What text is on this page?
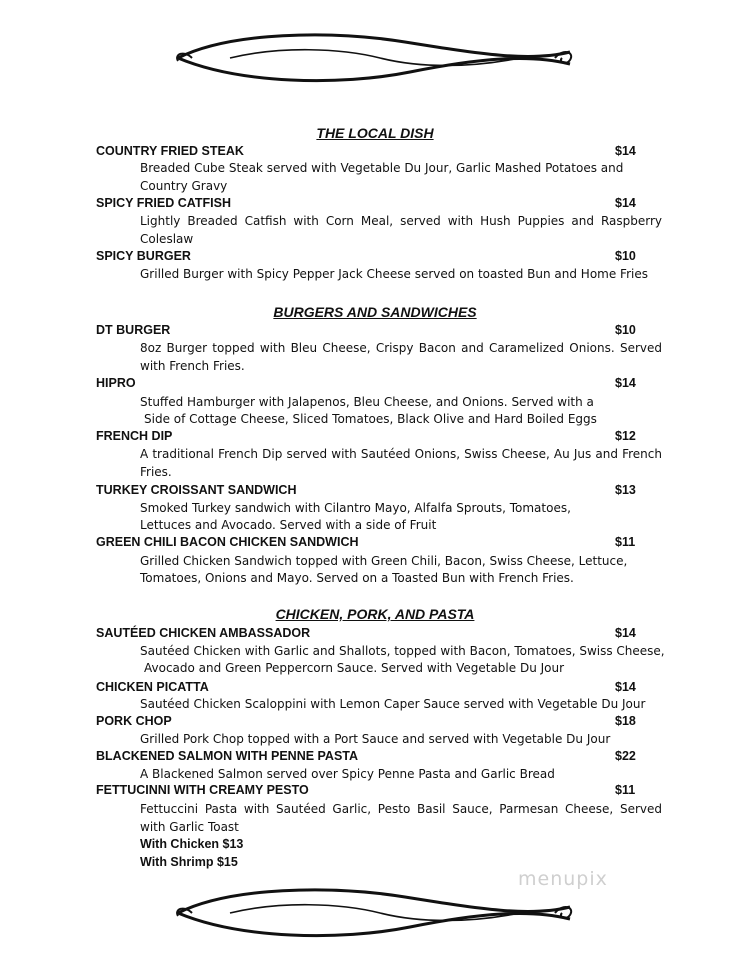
THE LOCAL DISH
COUNTRY FRIED STEAK	$14
Breaded Cube Steak served with Vegetable Du Jour, Garlic Mashed Potatoes and Country Gravy
SPICY FRIED CATFISH	$14
Lightly Breaded Catfish with Corn Meal, served with Hush Puppies and Raspberry Coleslaw
SPICY BURGER	$10
Grilled Burger with Spicy Pepper Jack Cheese served on toasted Bun and Home Fries
BURGERS AND SANDWICHES
DT BURGER	$10
8oz Burger topped with Bleu Cheese, Crispy Bacon and Caramelized Onions. Served with French Fries.
HIPRO	$14
Stuffed Hamburger with Jalapenos, Bleu Cheese, and Onions. Served with a
Side of Cottage Cheese, Sliced Tomatoes, Black Olive and Hard Boiled Eggs
FRENCH DIP	$12
A traditional French Dip served with Sautéed Onions, Swiss Cheese, Au Jus and French Fries.
TURKEY CROISSANT SANDWICH	$13
Smoked Turkey sandwich with Cilantro Mayo, Alfalfa Sprouts, Tomatoes,
Lettuces and Avocado. Served with a side of Fruit
GREEN CHILI BACON CHICKEN SANDWICH	$11
Grilled Chicken Sandwich topped with Green Chili, Bacon, Swiss Cheese, Lettuce,
Tomatoes, Onions and Mayo. Served on a Toasted Bun with French Fries.
CHICKEN, PORK, AND PASTA
SAUTÉED CHICKEN AMBASSADOR	$14
Sautéed Chicken with Garlic and Shallots, topped with Bacon, Tomatoes, Swiss Cheese,
Avocado and Green Peppercorn Sauce. Served with Vegetable Du Jour
CHICKEN PICATTA	$14
Sautéed Chicken Scaloppini with Lemon Caper Sauce served with Vegetable Du Jour
PORK CHOP	$18
Grilled Pork Chop topped with a Port Sauce and served with Vegetable Du Jour
BLACKENED SALMON WITH PENNE PASTA	$22
A Blackened Salmon served over Spicy Penne Pasta and Garlic Bread
FETTUCINNI WITH CREAMY PESTO	$11
Fettuccini Pasta with Sautéed Garlic, Pesto Basil Sauce, Parmesan Cheese, Served with Garlic Toast
With Chicken $13
With Shrimp $15
menupix
